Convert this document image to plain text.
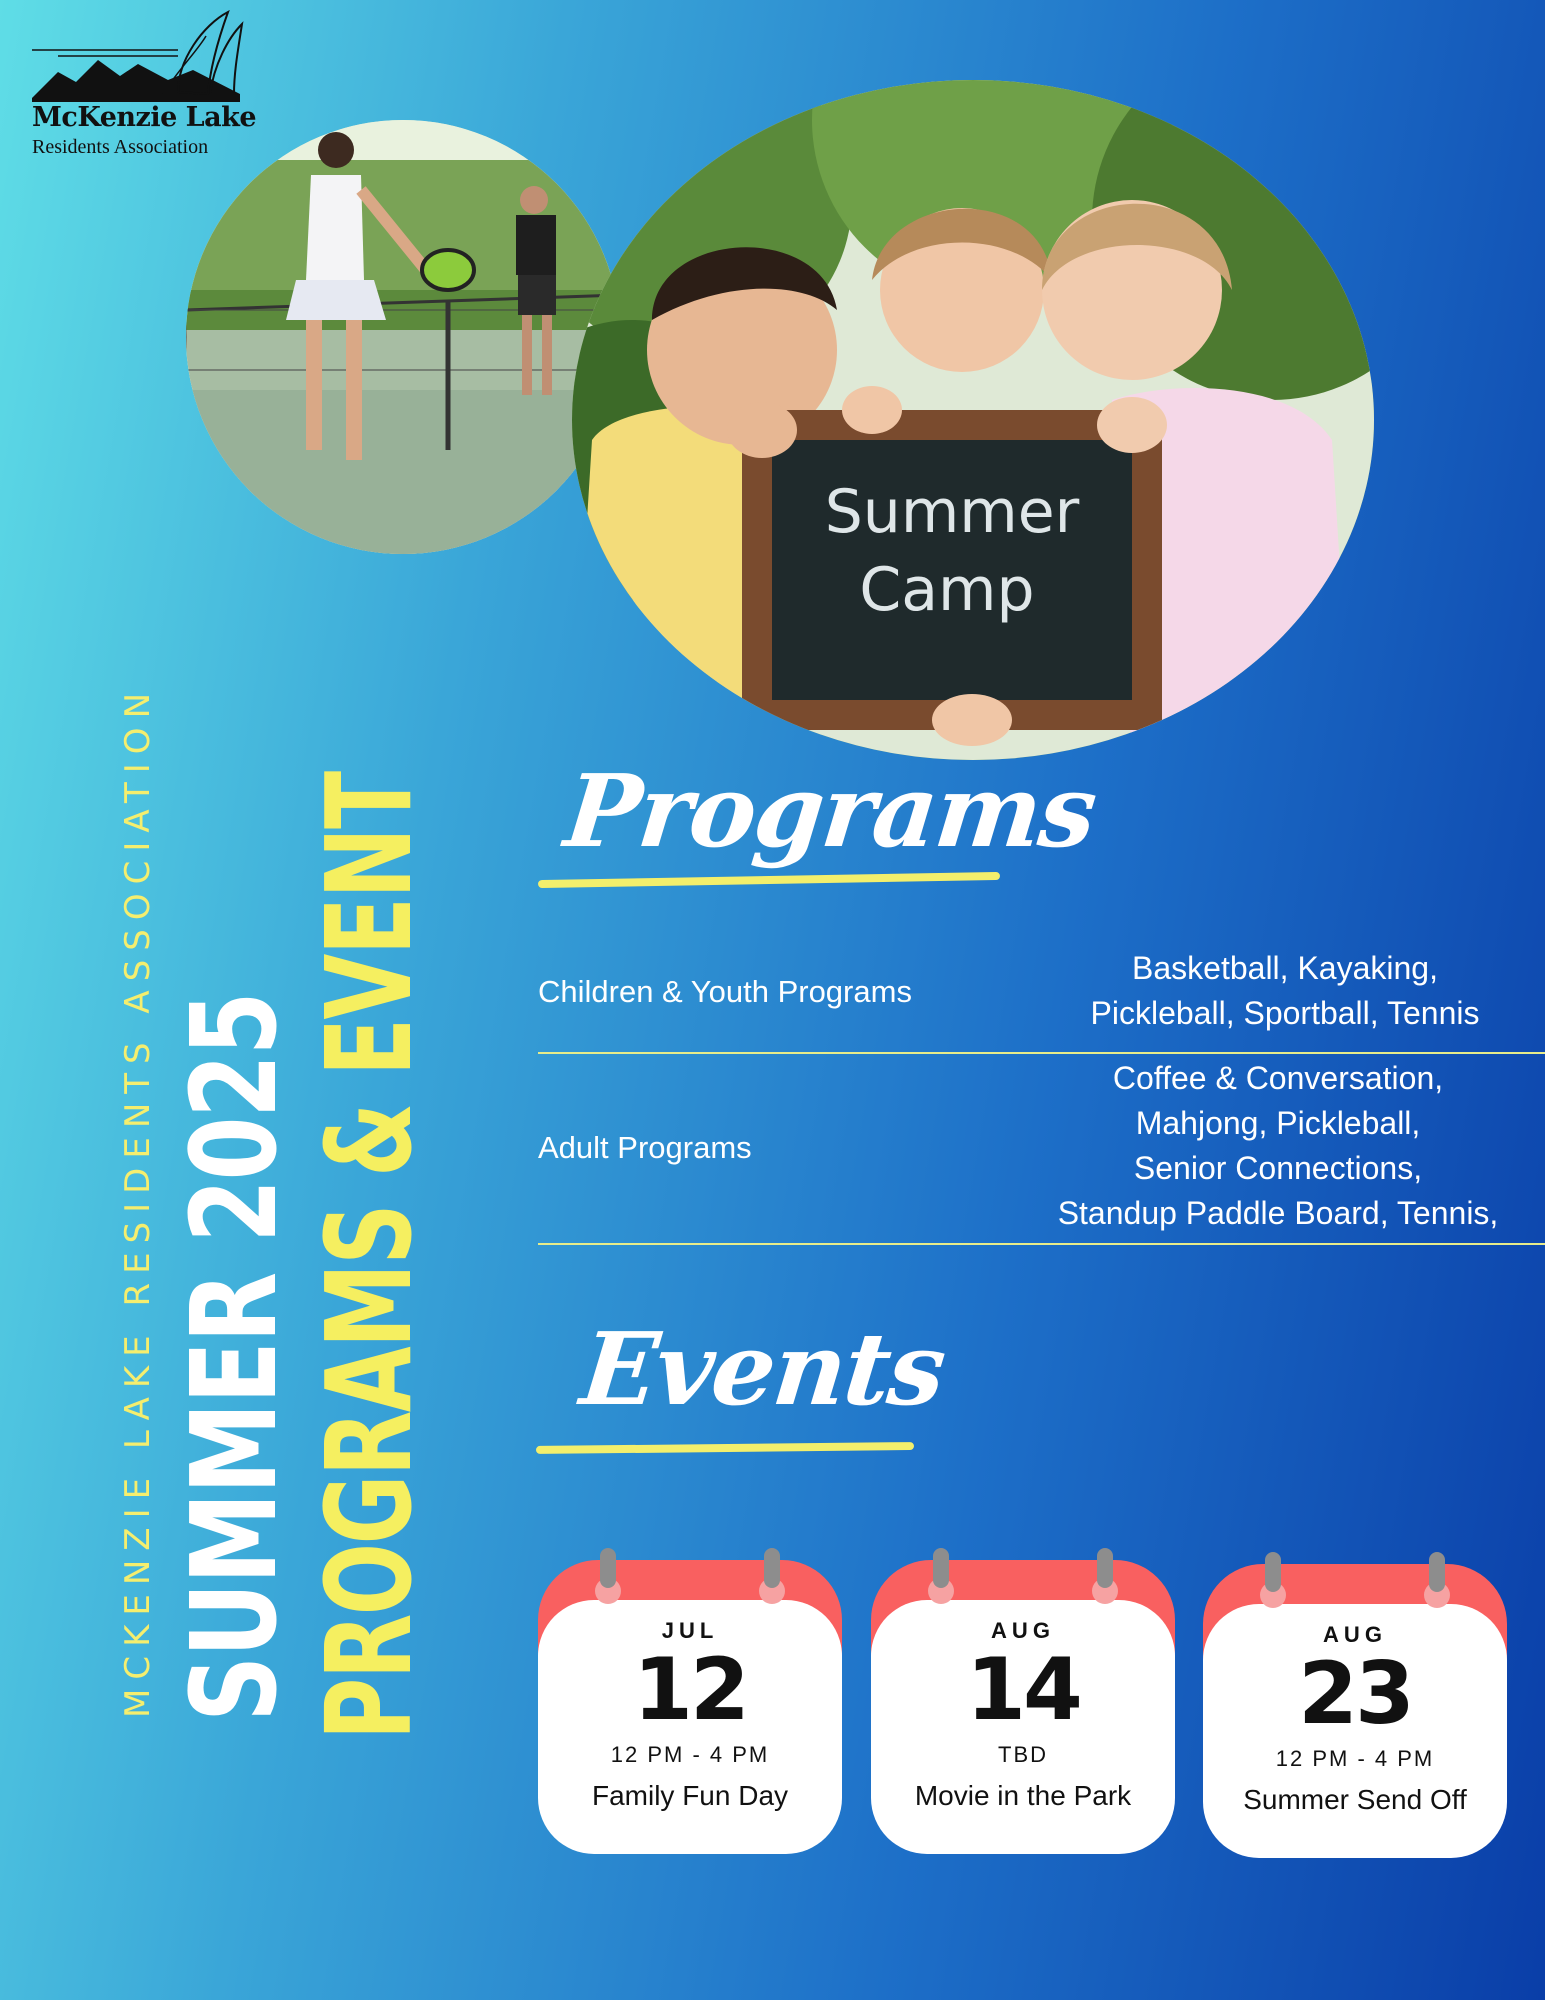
McKenzie Lake
Residents Association
Summer
Camp
MCKENZIE LAKE RESIDENTS ASSOCIATION SUMMER 2025
PROGRAMS & EVENT Programs
Children & Youth Programs
Basketball, Kayaking,
Pickleball, Sportball, Tennis
Adult Programs
Coffee & Conversation,
Mahjong, Pickleball,
Senior Connections,
Standup Paddle Board, Tennis,
Events
JUL
12
12 PM - 4 PM
Family Fun Day
AUG
14
TBD
Movie in the Park
AUG
23
12 PM - 4 PM
Summer Send Off
